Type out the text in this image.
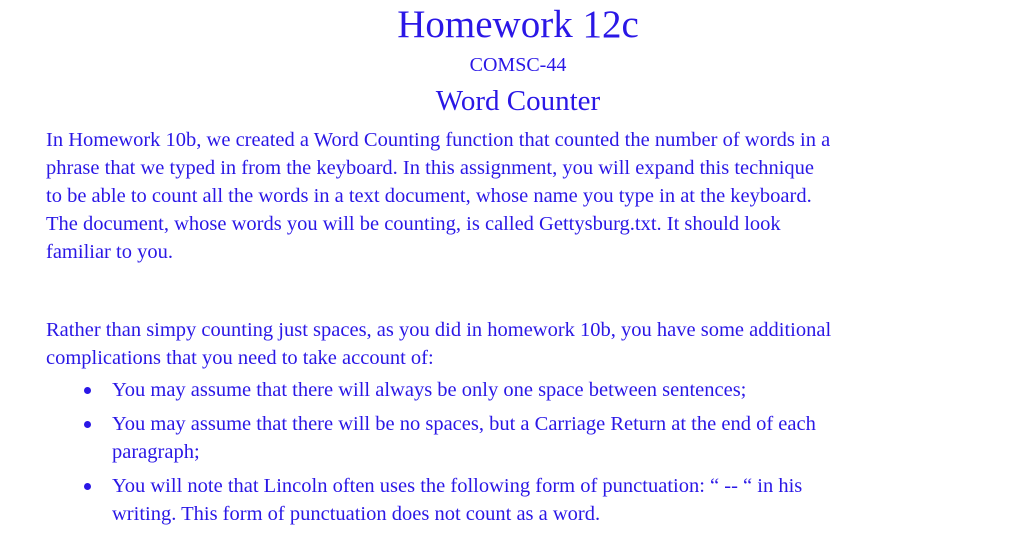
Homework 12c
COMSC-44
Word Counter

In Homework 10b, we created a Word Counting function that counted the number of words in a
phrase that we typed in from the keyboard. In this assignment, you will expand this technique
to be able to count all the words in a text document, whose name you type in at the keyboard.
The document, whose words you will be counting, is called Gettysburg.txt. It should look
familiar to you.

Rather than simpy counting just spaces, as you did in homework 10b, you have some additional
complications that you need to take account of:

You may assume that there will always be only one space between sentences;
You may assume that there will be no spaces, but a Carriage Return at the end of each
paragraph;
You will note that Lincoln often uses the following form of punctuation: “ -- “ in his
writing. This form of punctuation does not count as a word.
